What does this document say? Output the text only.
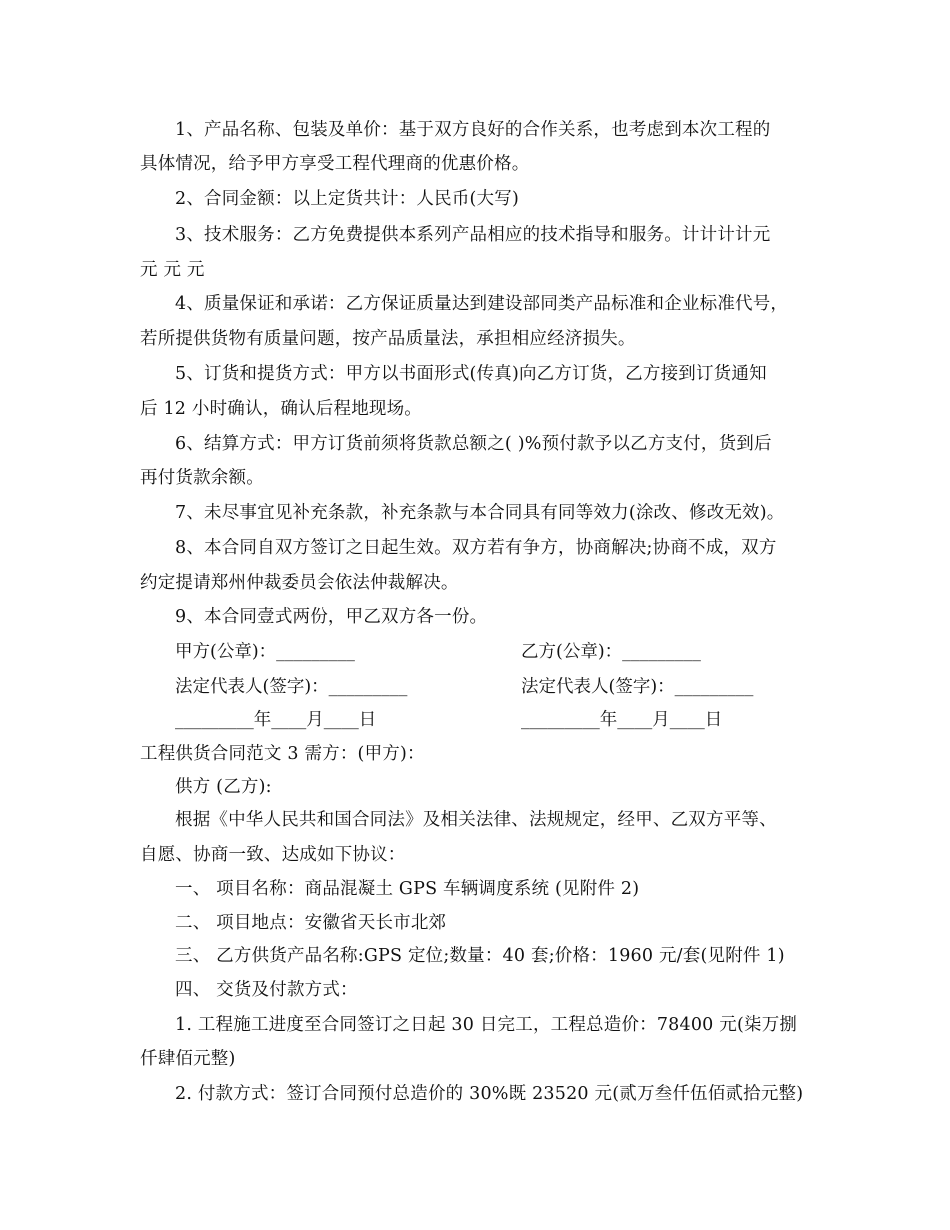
1、产品名称、包装及单价：基于双方良好的合作关系，也考虑到本次工程的
具体情况，给予甲方享受工程代理商的优惠价格。
2、合同金额：以上定货共计：人民币(大写)
3、技术服务：乙方免费提供本系列产品相应的技术指导和服务。计计计计元
元 元 元
4、质量保证和承诺：乙方保证质量达到建设部同类产品标准和企业标准代号，
若所提供货物有质量问题，按产品质量法，承担相应经济损失。
5、订货和提货方式：甲方以书面形式(传真)向乙方订货，乙方接到订货通知
后 12 小时确认，确认后程地现场。
6、结算方式：甲方订货前须将货款总额之( )%预付款予以乙方支付，货到后
再付货款余额。
7、未尽事宜见补充条款，补充条款与本合同具有同等效力(涂改、修改无效)。
8、本合同自双方签订之日起生效。双方若有争方，协商解决;协商不成，双方
约定提请郑州仲裁委员会依法仲裁解决。
9、本合同壹式两份，甲乙双方各一份。
甲方(公章)：_________	乙方(公章)：_________
法定代表人(签字)：_________	法定代表人(签字)：_________
_________年____月____日	_________年____月____日
工程供货合同范文 3 需方：(甲方)：
供方 (乙方):
根据《中华人民共和国合同法》及相关法律、法规规定，经甲、乙双方平等、
自愿、协商一致、达成如下协议：
一、 项目名称：商品混凝土 GPS 车辆调度系统 (见附件 2)
二、 项目地点：安徽省天长市北郊
三、 乙方供货产品名称:GPS 定位;数量：40 套;价格：1960 元/套(见附件 1)
四、 交货及付款方式：
1. 工程施工进度至合同签订之日起 30 日完工，工程总造价：78400 元(柒万捌
仟肆佰元整)
2. 付款方式：签订合同预付总造价的 30%既 23520 元(贰万叁仟伍佰贰拾元整)
